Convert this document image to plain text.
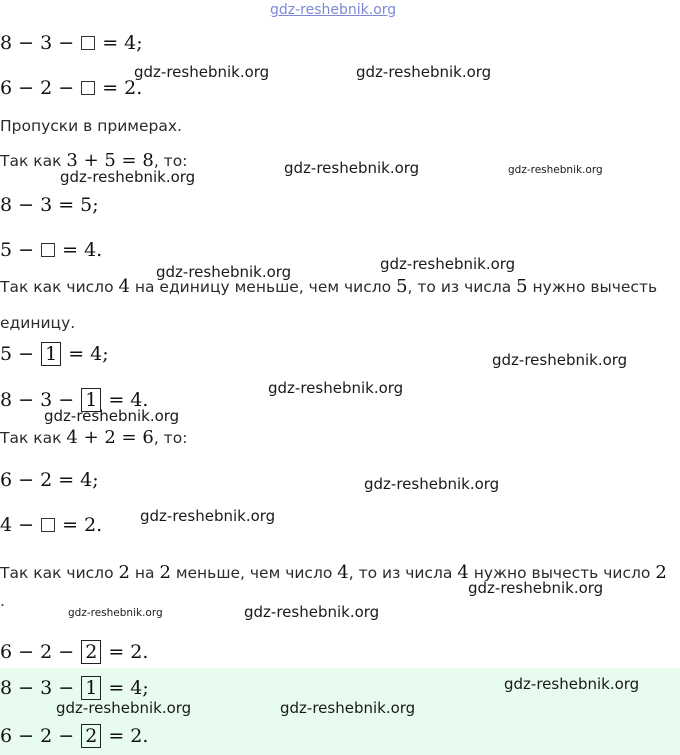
gdz-reshebnik.org
8 − 3 −  = 4;
6 − 2 −  = 2.
Пропуски в примерах.
Так как 3 + 5 = 8, то:
8 − 3 = 5;
5 −  = 4.
Так как число 4 на единицу меньше, чем число 5, то из числа 5 нужно вычесть
единицу.
5 − 1 = 4;
8 − 3 − 1 = 4.
Так как 4 + 2 = 6, то:
6 − 2 = 4;
4 −  = 2.
Так как число 2 на 2 меньше, чем число 4, то из числа 4 нужно вычесть число 2
.
6 − 2 − 2 = 2.
8 − 3 − 1 = 4;
6 − 2 − 2 = 2.
gdz-reshebnik.org	gdz-reshebnik.org
gdz-reshebnik.org	gdz-reshebnik.org	gdz-reshebnik.org
gdz-reshebnik.org	gdz-reshebnik.org
gdz-reshebnik.org
gdz-reshebnik.org
gdz-reshebnik.org
gdz-reshebnik.org
gdz-reshebnik.org
gdz-reshebnik.org
gdz-reshebnik.org	gdz-reshebnik.org
gdz-reshebnik.org
gdz-reshebnik.org	gdz-reshebnik.org
